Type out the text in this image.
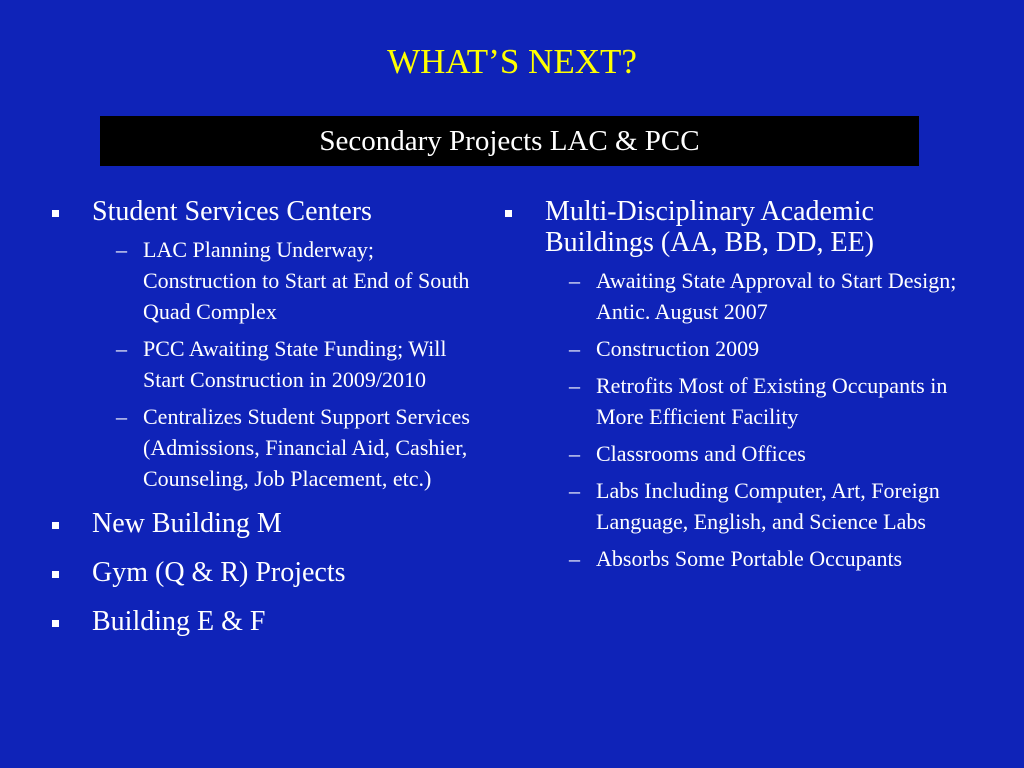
WHAT’S NEXT?
Secondary Projects LAC & PCC
Student Services Centers
– LAC Planning Underway; Construction to Start at End of South Quad Complex
– PCC Awaiting State Funding; Will Start Construction in 2009/2010
– Centralizes Student Support Services (Admissions, Financial Aid, Cashier, Counseling, Job Placement, etc.)
New Building M
Gym (Q & R) Projects
Building E & F
Multi-Disciplinary Academic Buildings (AA, BB, DD, EE)
– Awaiting State Approval to Start Design; Antic. August 2007
– Construction 2009
– Retrofits Most of Existing Occupants in More Efficient Facility
– Classrooms and Offices
– Labs Including Computer, Art, Foreign Language, English, and Science Labs
– Absorbs Some Portable Occupants
